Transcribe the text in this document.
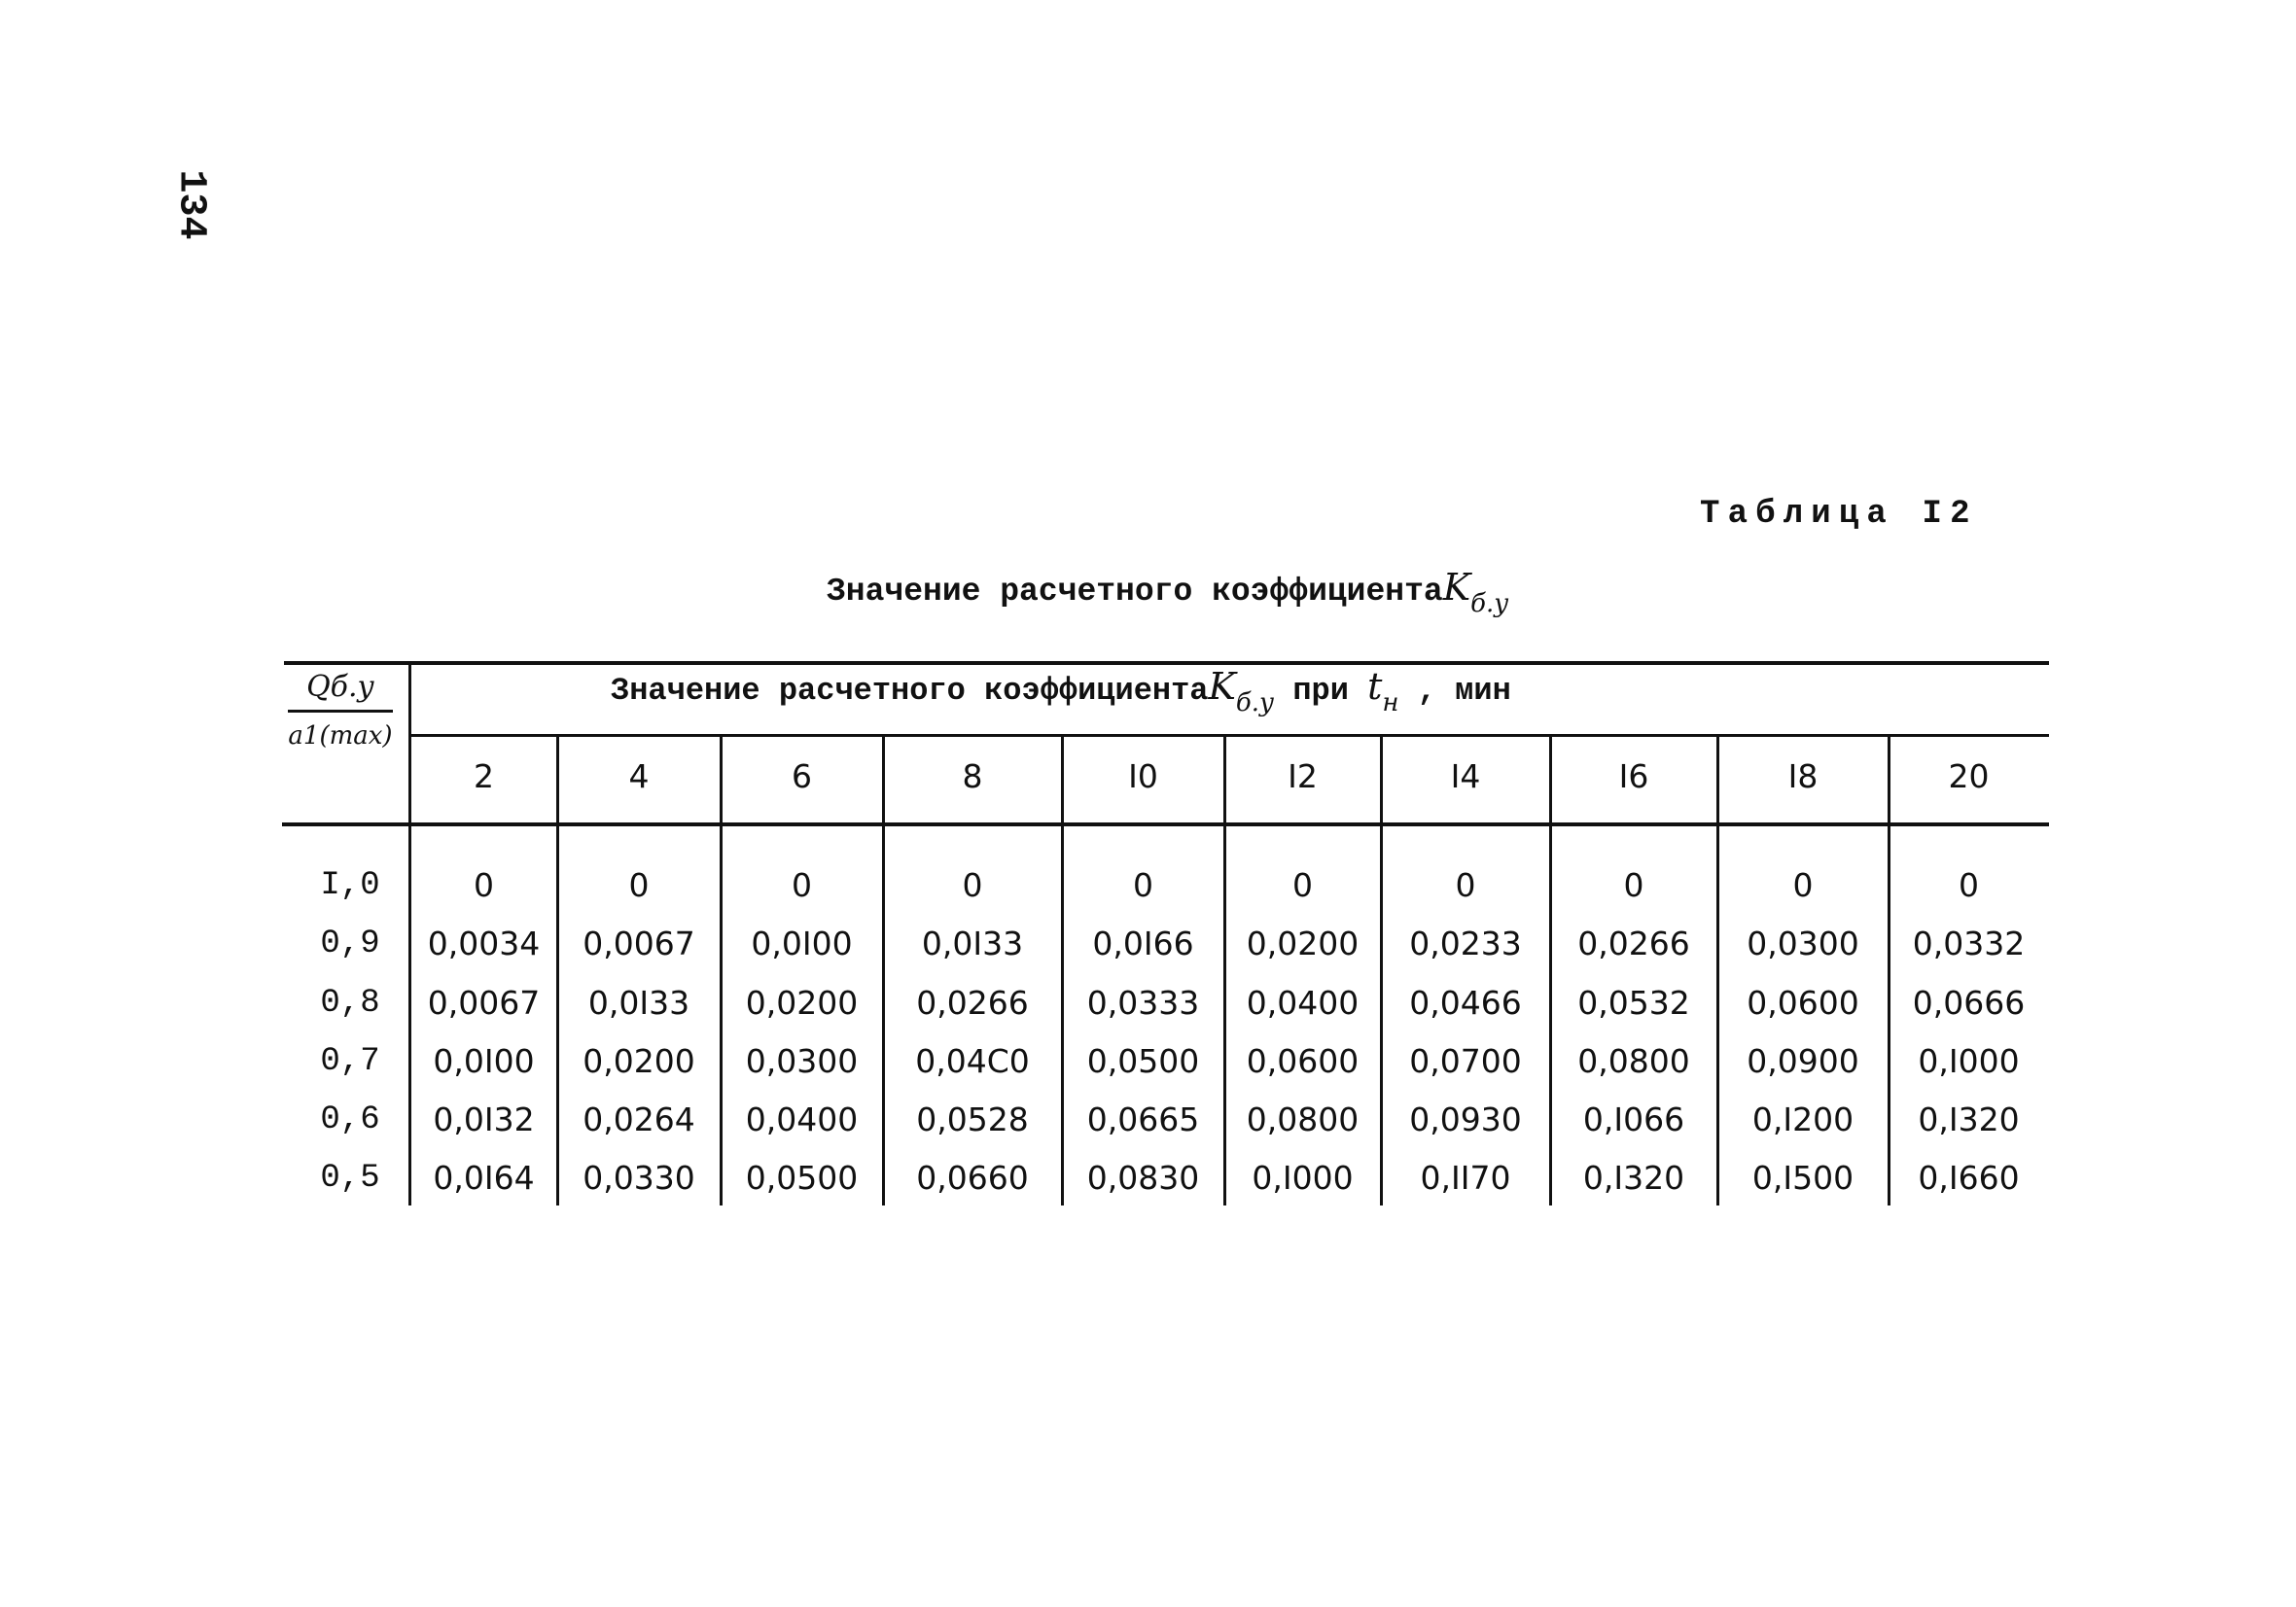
134
Таблица I2
Значение расчетного коэффициентаK$_{б.у}$
Qб.у
a1(max)
Значение расчетного коэффициентаK$_{б.у}$ при $t_н$ , мин
2	4	6	8	I0	I2	I4	I6	I8	20
I,0	0	0	0	0	0	0	0	0	0	0
0,9	0,0034	0,0067	0,0I00	0,0I33	0,0I66	0,0200	0,0233	0,0266	0,0300	0,0332
0,8	0,0067	0,0I33	0,0200	0,0266	0,0333	0,0400	0,0466	0,0532	0,0600	0,0666
0,7	0,0I00	0,0200	0,0300	0,04C0	0,0500	0,0600	0,0700	0,0800	0,0900	0,I000
0,6	0,0I32	0,0264	0,0400	0,0528	0,0665	0,0800	0,0930	0,I066	0,I200	0,I320
0,5	0,0I64	0,0330	0,0500	0,0660	0,0830	0,I000	0,II70	0,I320	0,I500	0,I660
